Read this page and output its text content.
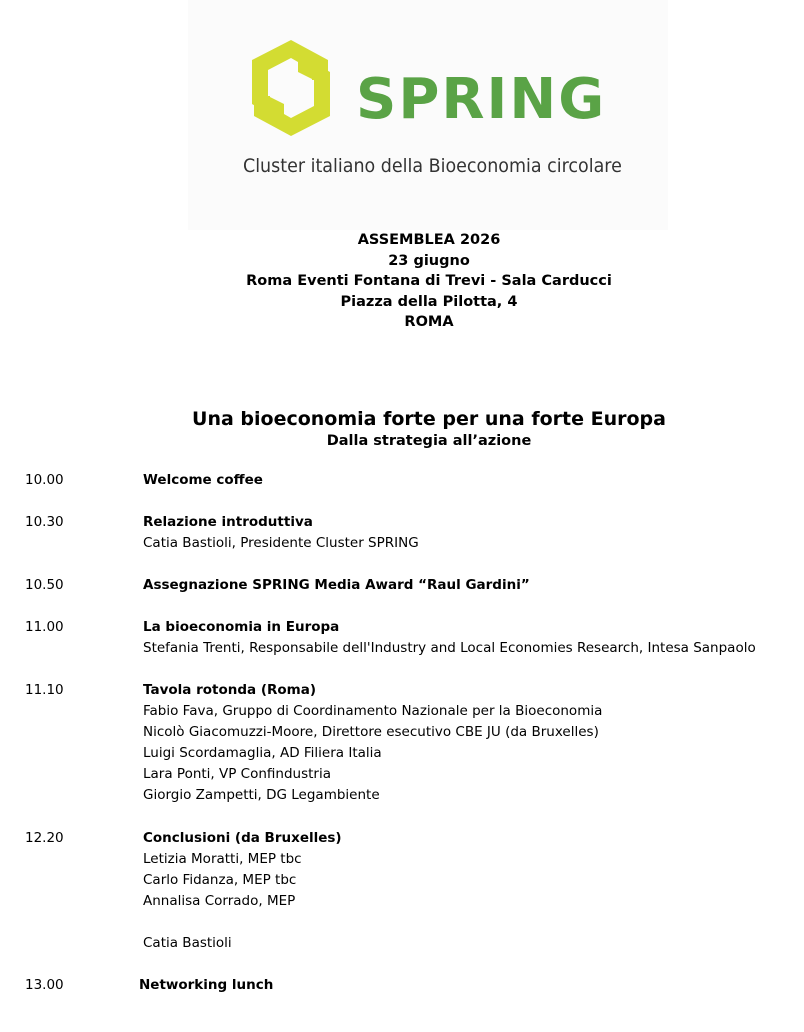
SPRING
Cluster italiano della Bioeconomia circolare
ASSEMBLEA 2026
23 giugno
Roma Eventi Fontana di Trevi - Sala Carducci
Piazza della Pilotta, 4
ROMA
Una bioeconomia forte per una forte Europa
Dalla strategia all’azione
10.00	Welcome coffee
10.30	Relazione introduttiva
Catia Bastioli, Presidente Cluster SPRING
10.50	Assegnazione SPRING Media Award “Raul Gardini”
11.00	La bioeconomia in Europa
Stefania Trenti, Responsabile dell'Industry and Local Economies Research, Intesa Sanpaolo
11.10	Tavola rotonda (Roma)
Fabio Fava, Gruppo di Coordinamento Nazionale per la Bioeconomia
Nicolò Giacomuzzi-Moore, Direttore esecutivo CBE JU (da Bruxelles)
Luigi Scordamaglia, AD Filiera Italia
Lara Ponti, VP Confindustria
Giorgio Zampetti, DG Legambiente
12.20	Conclusioni (da Bruxelles)
Letizia Moratti, MEP tbc
Carlo Fidanza, MEP tbc
Annalisa Corrado, MEP
Catia Bastioli
13.00	Networking lunch
